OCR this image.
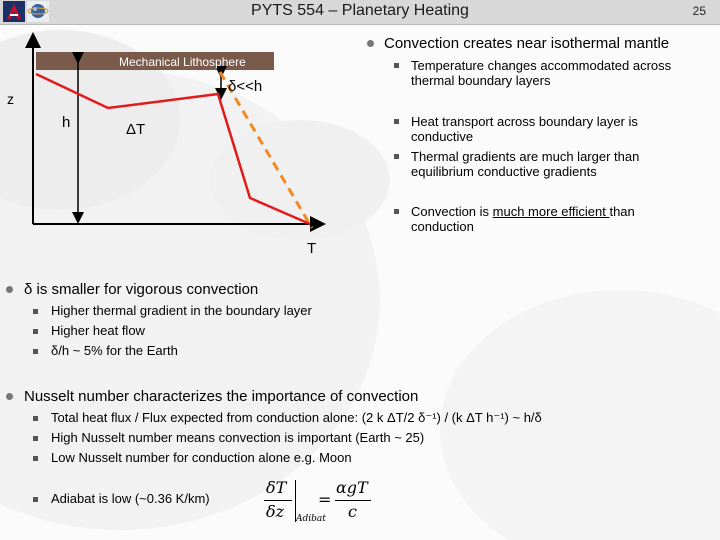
PYTS 554 – Planetary Heating	25
Mechanical Lithosphere
δ<<h
z
h	ΔT
T
Convection creates near isothermal mantle
Temperature changes accommodated across thermal boundary layers
Heat transport across boundary layer is conductive
Thermal gradients are much larger than equilibrium conductive gradients
Convection is much more efficient than conduction
δ is smaller for vigorous convection
Higher thermal gradient in the boundary layer
Higher heat flow
δ/h ~ 5% for the Earth
Nusselt number characterizes the importance of convection
Total heat flux / Flux expected from conduction alone: (2 k ΔT/2 δ⁻¹) / (k ΔT h⁻¹) ~ h/δ
High Nusselt number means convection is important (Earth ~ 25)
Low Nusselt number for conduction alone e.g. Moon
Adiabat is low (~0.36 K/km)
δT
δz Adibat
=
αgT
c
